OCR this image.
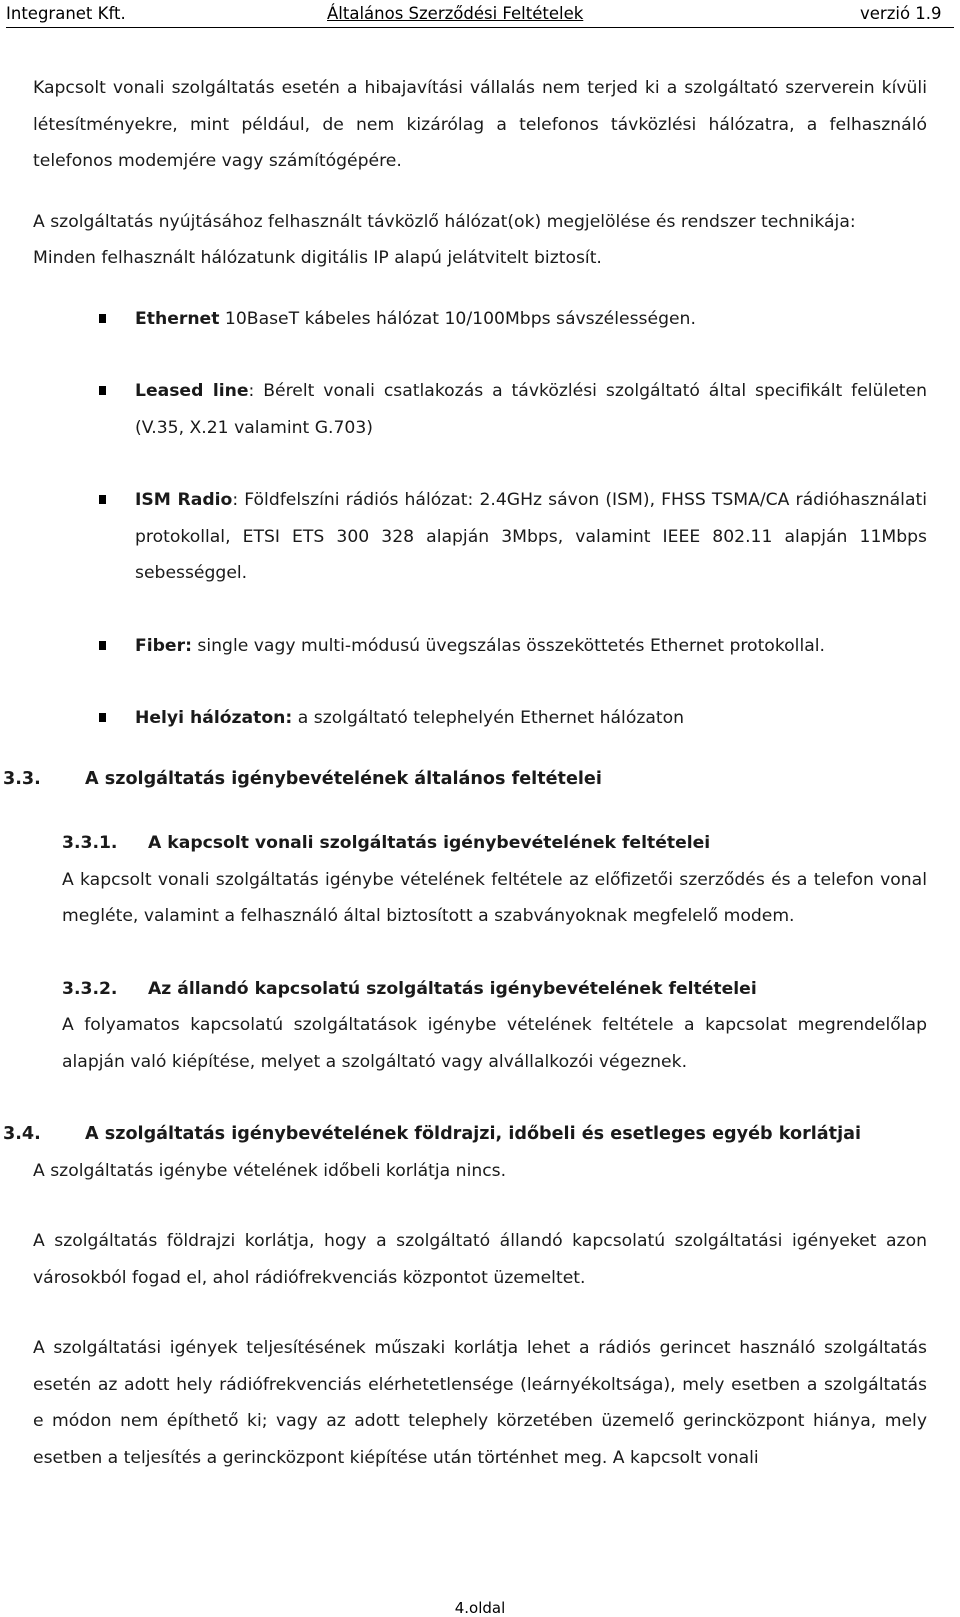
Integranet Kft.	Általános Szerződési Feltételek	verzió 1.9

Kapcsolt vonali szolgáltatás esetén a hibajavítási vállalás nem terjed ki a szolgáltató szerverein kívüli létesítményekre, mint például, de nem kizárólag a telefonos távközlési hálózatra, a felhasználó telefonos modemjére vagy számítógépére.

A szolgáltatás nyújtásához felhasznált távközlő hálózat(ok) megjelölése és rendszer technikája:

Minden felhasznált hálózatunk digitális IP alapú jelátvitelt biztosít.

Ethernet 10BaseT kábeles hálózat 10/100Mbps sávszélességen.
Leased line: Bérelt vonali csatlakozás a távközlési szolgáltató által specifikált felületen (V.35, X.21 valamint G.703)
ISM Radio: Földfelszíni rádiós hálózat: 2.4GHz sávon (ISM), FHSS TSMA/CA rádióhasználati protokollal, ETSI ETS 300 328 alapján 3Mbps, valamint IEEE 802.11 alapján 11Mbps sebességgel.
Fiber: single vagy multi-módusú üvegszálas összeköttetés Ethernet protokollal.
Helyi hálózaton: a szolgáltató telephelyén Ethernet hálózaton
3.3.	A szolgáltatás igénybevételének általános feltételei
3.3.1. A kapcsolt vonali szolgáltatás igénybevételének feltételei

A kapcsolt vonali szolgáltatás igénybe vételének feltétele az előfizetői szerződés és a telefon vonal megléte, valamint a felhasználó által biztosított a szabványoknak megfelelő modem.

3.3.2. Az állandó kapcsolatú szolgáltatás igénybevételének feltételei

A folyamatos kapcsolatú szolgáltatások igénybe vételének feltétele a kapcsolat megrendelőlap alapján való kiépítése, melyet a szolgáltató vagy alvállalkozói végeznek.

3.4.	A szolgáltatás igénybevételének földrajzi, időbeli és esetleges egyéb korlátjai

A szolgáltatás igénybe vételének időbeli korlátja nincs.

A szolgáltatás földrajzi korlátja, hogy a szolgáltató állandó kapcsolatú szolgáltatási igényeket azon városokból fogad el, ahol rádiófrekvenciás központot üzemeltet.

A szolgáltatási igények teljesítésének műszaki korlátja lehet a rádiós gerincet használó szolgáltatás esetén az adott hely rádiófrekvenciás elérhetetlensége (leárnyékoltsága), mely esetben a szolgáltatás e módon nem építhető ki; vagy az adott telephely körzetében üzemelő gerincközpont hiánya, mely esetben a teljesítés a gerincközpont kiépítése után történhet meg. A kapcsolt vonali

4.oldal
